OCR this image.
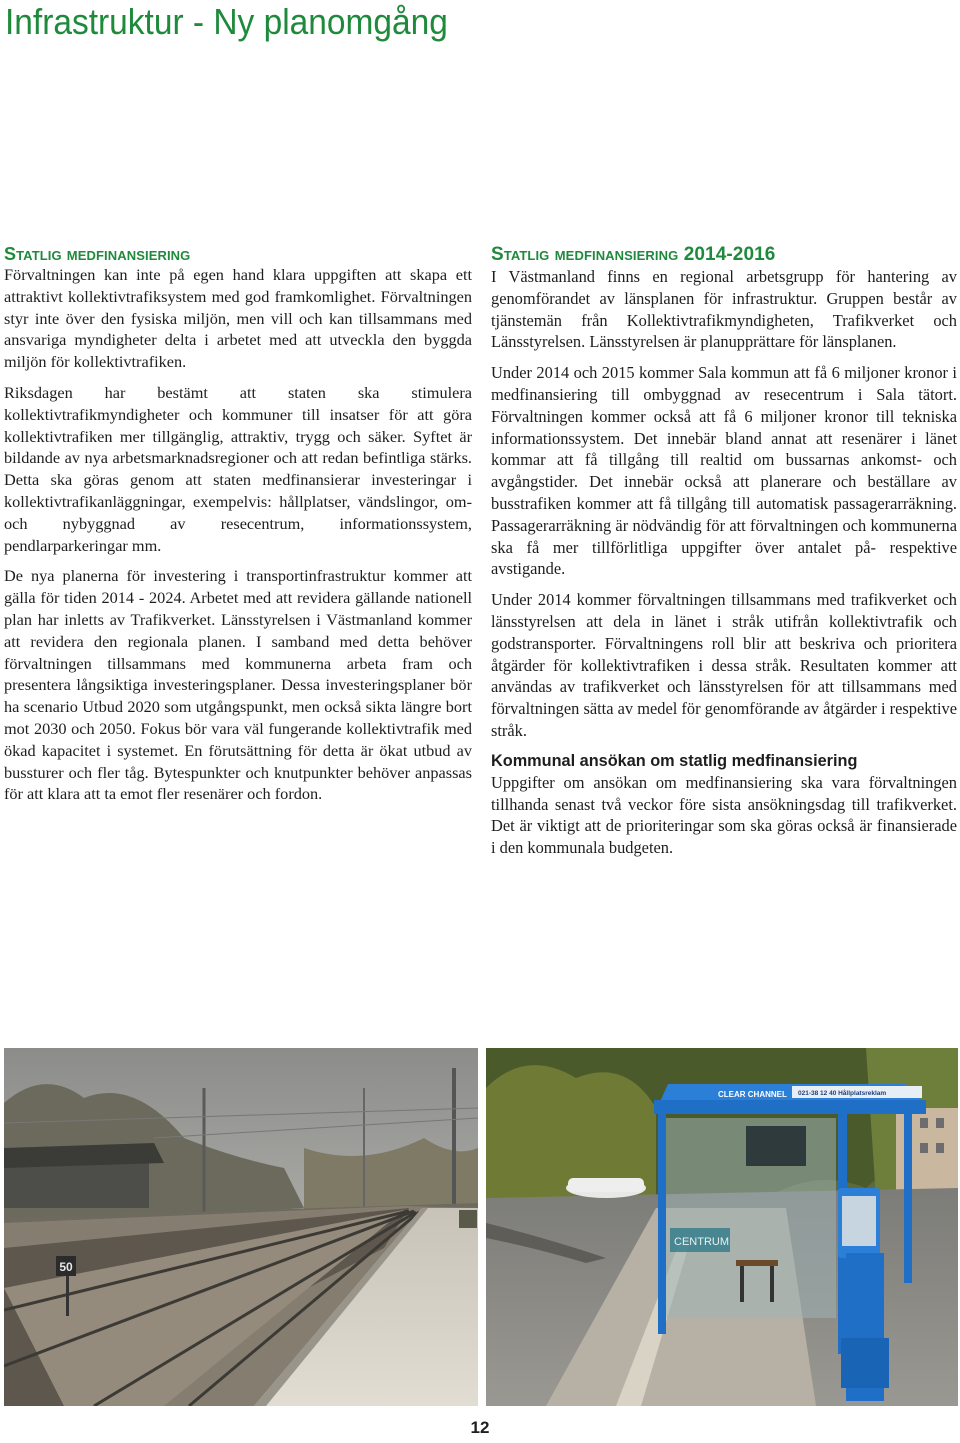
Infrastruktur - Ny planomgång
Statlig medfinansiering

Förvaltningen kan inte på egen hand klara uppgiften att skapa ett attraktivt kollektivtrafiksystem med god framkomlighet. Förvaltningen styr inte över den fysiska miljön, men vill och kan tillsammans med ansvariga myndigheter delta i arbetet med att utveckla den byggda miljön för kollektivtrafiken.

Riksdagen har bestämt att staten ska stimulera kollektivtrafikmyndigheter och kommuner till insatser för att göra kollektivtrafiken mer tillgänglig, attraktiv, trygg och säker. Syftet är bildande av nya arbetsmarknadsregioner och att redan befintliga stärks. Detta ska göras genom att staten medfinansierar investeringar i kollektivtrafikanläggningar, exempelvis: hållplatser, vändslingor, om- och nybyggnad av resecentrum, informationssystem, pendlarparkeringar mm.

De nya planerna för investering i transportinfrastruktur kommer att gälla för tiden 2014 - 2024. Arbetet med att revidera gällande nationell plan har inletts av Trafikverket. Länsstyrelsen i Västmanland kommer att revidera den regionala planen. I samband med detta behöver förvaltningen tillsammans med kommunerna arbeta fram och presentera långsiktiga investeringsplaner. Dessa investeringsplaner bör ha scenario Utbud 2020 som utgångspunkt, men också sikta längre bort mot 2030 och 2050. Fokus bör vara väl fungerande kollektivtrafik med ökad kapacitet i systemet. En förutsättning för detta är ökat utbud av bussturer och fler tåg. Bytespunkter och knutpunkter behöver anpassas för att klara att ta emot fler resenärer och fordon.

Statlig medfinansiering 2014-2016

I Västmanland finns en regional arbetsgrupp för hantering av genomförandet av länsplanen för infrastruktur. Gruppen består av tjänstemän från Kollektivtrafikmyndigheten, Trafikverket och Länsstyrelsen. Länsstyrelsen är planupprättare för länsplanen.

Under 2014 och 2015 kommer Sala kommun att få 6 miljoner kronor i medfinansiering till ombyggnad av resecentrum i Sala tätort. Förvaltningen kommer också att få 6 miljoner kronor till tekniska informationssystem. Det innebär bland annat att resenärer i länet kommar att få tillgång till realtid om bussarnas ankomst- och avgångstider. Det innebär också att planerare och beställare av busstrafiken kommer att få tillgång till automatisk passagerarräkning. Passagerarräkning är nödvändig för att förvaltningen och kommunerna ska få mer tillförlitliga uppgifter över antalet på- respektive avstigande.

Under 2014 kommer förvaltningen tillsammans med trafikverket och länsstyrelsen att dela in länet i stråk utifrån kollektivtrafik och godstransporter. Förvaltningens roll blir att beskriva och prioritera åtgärder för kollektivtrafiken i dessa stråk. Resultaten kommer att användas av trafikverket och länsstyrelsen för att tillsammans med förvaltningen sätta av medel för genomförande av åtgärder i respektive stråk.

Kommunal ansökan om statlig medfinansiering

Uppgifter om ansökan om medfinansiering ska vara förvaltningen tillhanda senast två veckor före sista ansökningsdag till trafikverket. Det är viktigt att de prioriteringar som ska göras också är finansierade i den kommunala budgeten.

50
021-38 12 40 Hållplatsreklam
CLEAR CHANNEL
CENTRUM
12
